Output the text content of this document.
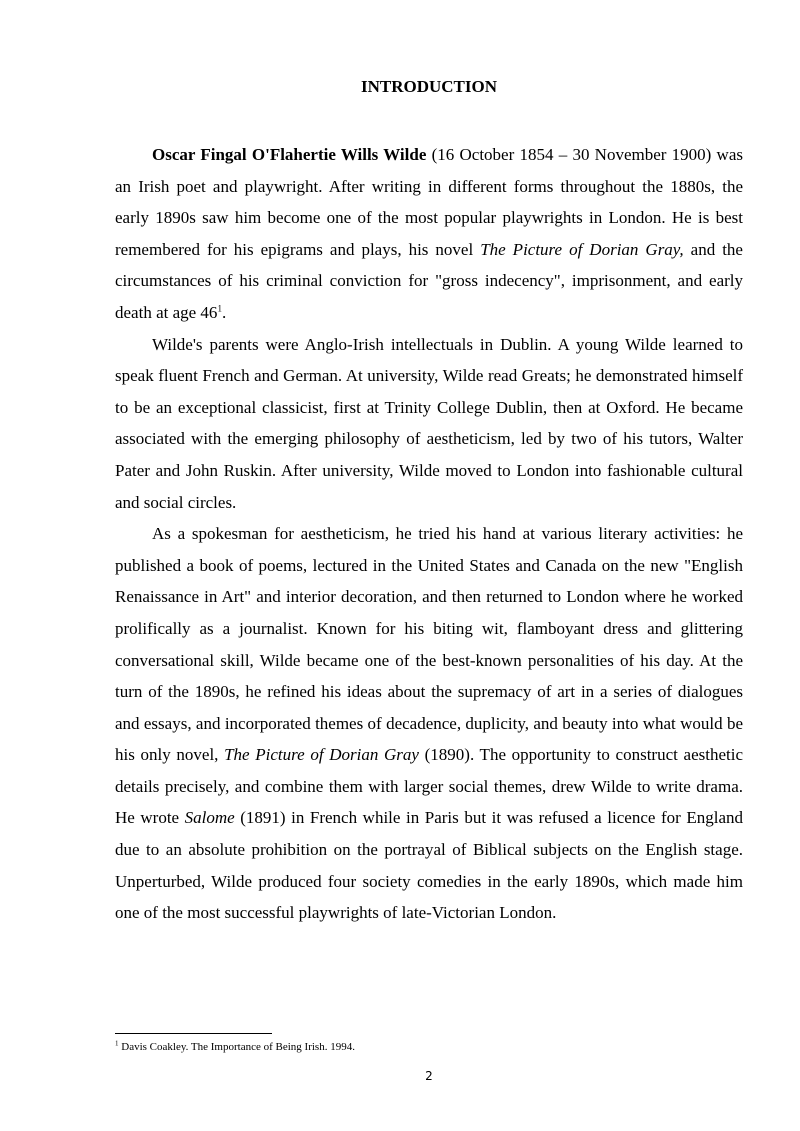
INTRODUCTION

Oscar Fingal O'Flahertie Wills Wilde (16 October 1854 – 30 November 1900) was an Irish poet and playwright. After writing in different forms throughout the 1880s, the early 1890s saw him become one of the most popular playwrights in London. He is best remembered for his epigrams and plays, his novel The Picture of Dorian Gray, and the circumstances of his criminal conviction for "gross indecency", imprisonment, and early death at age 46$^1$.

Wilde's parents were Anglo-Irish intellectuals in Dublin. A young Wilde learned to speak fluent French and German. At university, Wilde read Greats; he demonstrated himself to be an exceptional classicist, first at Trinity College Dublin, then at Oxford. He became associated with the emerging philosophy of aestheticism, led by two of his tutors, Walter Pater and John Ruskin. After university, Wilde moved to London into fashionable cultural and social circles.

As a spokesman for aestheticism, he tried his hand at various literary activities: he published a book of poems, lectured in the United States and Canada on the new "English Renaissance in Art" and interior decoration, and then returned to London where he worked prolifically as a journalist. Known for his biting wit, flamboyant dress and glittering conversational skill, Wilde became one of the best-known personalities of his day. At the turn of the 1890s, he refined his ideas about the supremacy of art in a series of dialogues and essays, and incorporated themes of decadence, duplicity, and beauty into what would be his only novel, The Picture of Dorian Gray (1890). The opportunity to construct aesthetic details precisely, and combine them with larger social themes, drew Wilde to write drama. He wrote Salome (1891) in French while in Paris but it was refused a licence for England due to an absolute prohibition on the portrayal of Biblical subjects on the English stage. Unperturbed, Wilde produced four society comedies in the early 1890s, which made him one of the most successful playwrights of late-Victorian London.

$^1$ Davis Coakley. The Importance of Being Irish. 1994.
2
